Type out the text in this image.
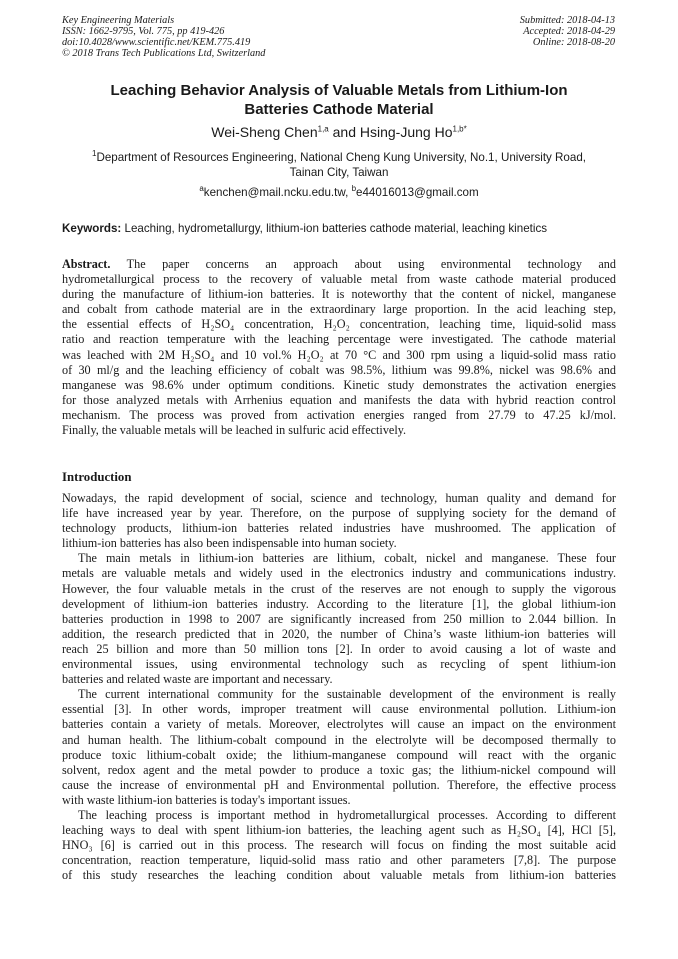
Key Engineering Materials
ISSN: 1662-9795, Vol. 775, pp 419-426
doi:10.4028/www.scientific.net/KEM.775.419
© 2018 Trans Tech Publications Ltd, Switzerland
Submitted: 2018-04-13
Accepted: 2018-04-29
Online: 2018-08-20
Leaching Behavior Analysis of Valuable Metals from Lithium-Ion
Batteries Cathode Material
Wei-Sheng Chen$^{1,a}$ and Hsing-Jung $Ho^{1,b*}$
$^1$Department of Resources Engineering, National Cheng Kung University, No.1, University Road,
Tainan City, Taiwan
$^a$kenchen@mail.ncku.edu.tw, $^b$e44016013@gmail.com
Keywords: Leaching, hydrometallurgy, lithium-ion batteries cathode material, leaching kinetics
Abstract. The paper concerns an approach about using environmental technology and
hydrometallurgical process to the recovery of valuable metal from waste cathode material produced
during the manufacture of lithium-ion batteries. It is noteworthy that the content of nickel, manganese
and cobalt from cathode material are in the extraordinary large proportion. In the acid leaching step,
the essential effects of H₂SO₄ concentration, H₂O₂ concentration, leaching time, liquid-solid mass
ratio and reaction temperature with the leaching percentage were investigated. The cathode material
was leached with 2M H₂SO₄ and 10 vol.% H₂O₂ at 70 °C and 300 rpm using a liquid-solid mass ratio
of 30 ml/g and the leaching efficiency of cobalt was 98.5%, lithium was 99.8%, nickel was 98.6% and
manganese was 98.6% under optimum conditions. Kinetic study demonstrates the activation energies
for those analyzed metals with Arrhenius equation and manifests the data with hybrid reaction control
mechanism. The process was proved from activation energies ranged from 27.79 to 47.25 kJ/mol.
Finally, the valuable metals will be leached in sulfuric acid effectively.
Introduction
Nowadays, the rapid development of social, science and technology, human quality and demand for
life have increased year by year. Therefore, on the purpose of supplying society for the demand of
technology products, lithium-ion batteries related industries have mushroomed. The application of
lithium-ion batteries has also been indispensable into human society.
The main metals in lithium-ion batteries are lithium, cobalt, nickel and manganese. These four
metals are valuable metals and widely used in the electronics industry and communications industry.
However, the four valuable metals in the crust of the reserves are not enough to supply the vigorous
development of lithium-ion batteries industry. According to the literature [1], the global lithium-ion
batteries production in 1998 to 2007 are significantly increased from 250 million to 2.044 billion. In
addition, the research predicted that in 2020, the number of China’s waste lithium-ion batteries will
reach 25 billion and more than 50 million tons [2]. In order to avoid causing a lot of waste and
environmental issues, using environmental technology such as recycling of spent lithium-ion
batteries and related waste are important and necessary.
The current international community for the sustainable development of the environment is really
essential [3]. In other words, improper treatment will cause environmental pollution. Lithium-ion
batteries contain a variety of metals. Moreover, electrolytes will cause an impact on the environment
and human health. The lithium-cobalt compound in the electrolyte will be decomposed thermally to
produce toxic lithium-cobalt oxide; the lithium-manganese compound will react with the organic
solvent, redox agent and the metal powder to produce a toxic gas; the lithium-nickel compound will
cause the increase of environmental pH and Environmental pollution. Therefore, the effective process
with waste lithium-ion batteries is today's important issues.
The leaching process is important method in hydrometallurgical processes. According to different
leaching ways to deal with spent lithium-ion batteries, the leaching agent such as H₂SO₄ [4], HCl [5],
HNO₃ [6] is carried out in this process. The research will focus on finding the most suitable acid
concentration, reaction temperature, liquid-solid mass ratio and other parameters [7,8]. The purpose
of this study researches the leaching condition about valuable metals from lithium-ion batteries
